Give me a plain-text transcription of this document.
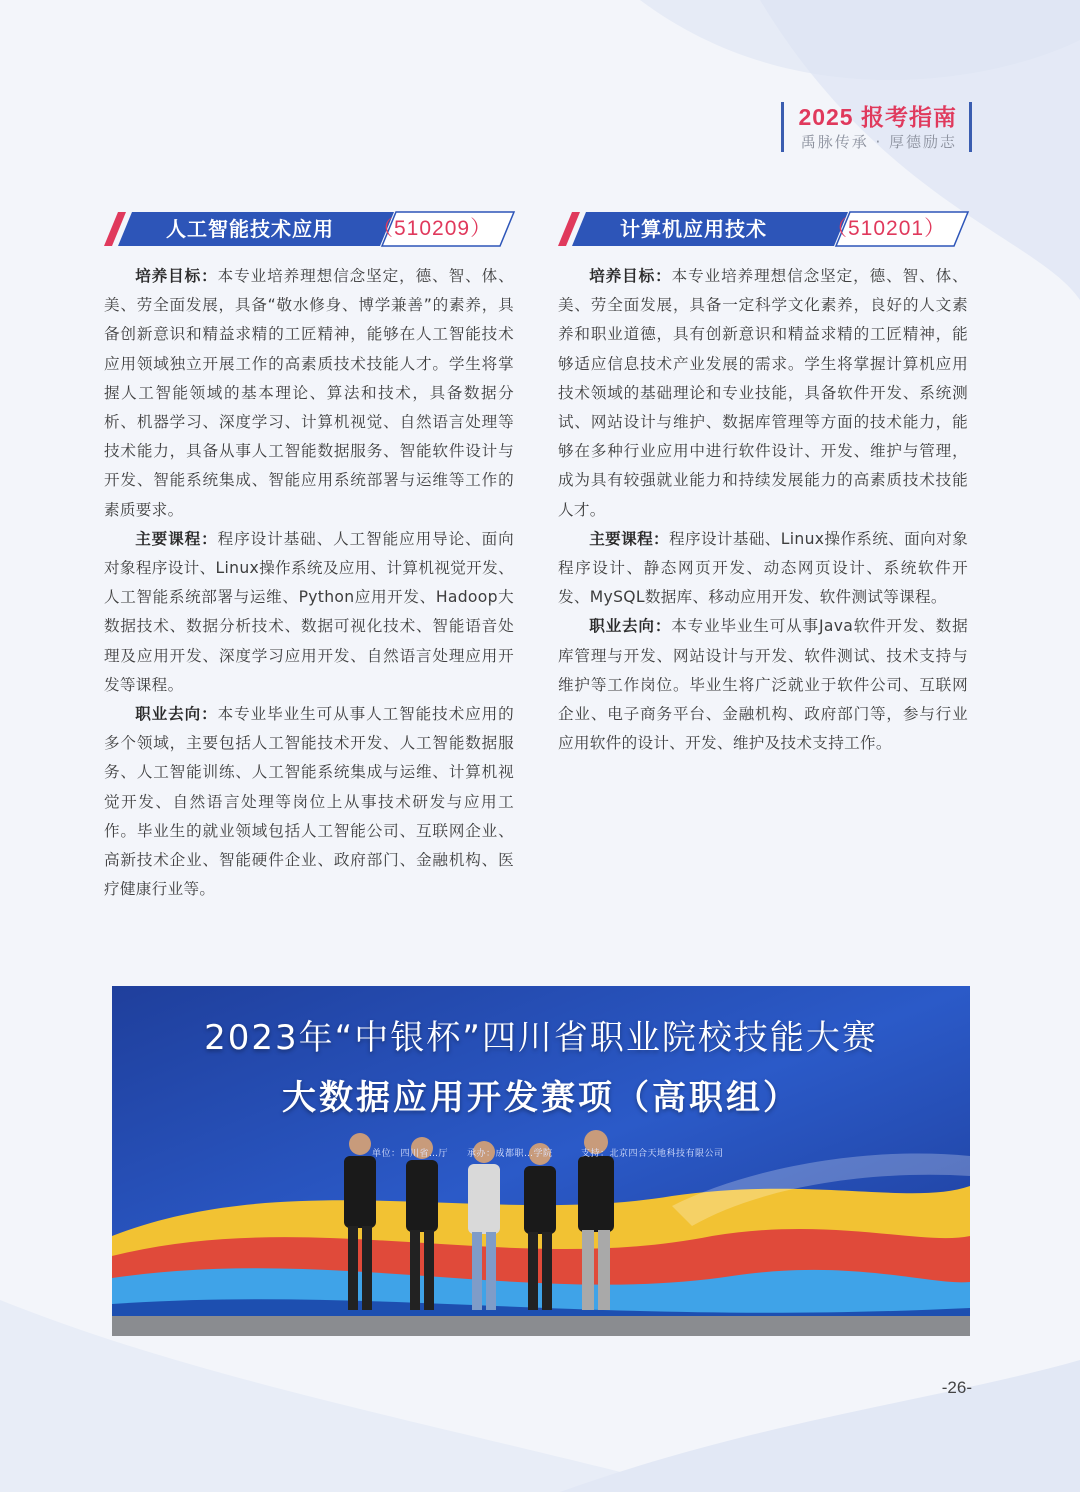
2025 报考指南
禹脉传承 · 厚德励志
人工智能技术应用 （510209）

培养目标：本专业培养理想信念坚定，德、智、体、美、劳全面发展，具备“敬水修身、博学兼善”的素养，具备创新意识和精益求精的工匠精神，能够在人工智能技术应用领域独立开展工作的高素质技术技能人才。学生将掌握人工智能领域的基本理论、算法和技术，具备数据分析、机器学习、深度学习、计算机视觉、自然语言处理等技术能力，具备从事人工智能数据服务、智能软件设计与开发、智能系统集成、智能应用系统部署与运维等工作的素质要求。

主要课程：程序设计基础、人工智能应用导论、面向对象程序设计、Linux操作系统及应用、计算机视觉开发、人工智能系统部署与运维、Python应用开发、Hadoop大数据技术、数据分析技术、数据可视化技术、智能语音处理及应用开发、深度学习应用开发、自然语言处理应用开发等课程。

职业去向：本专业毕业生可从事人工智能技术应用的多个领域，主要包括人工智能技术开发、人工智能数据服务、人工智能训练、人工智能系统集成与运维、计算机视觉开发、自然语言处理等岗位上从事技术研发与应用工作。毕业生的就业领域包括人工智能公司、互联网企业、高新技术企业、智能硬件企业、政府部门、金融机构、医疗健康行业等。

计算机应用技术	（510201）

培养目标：本专业培养理想信念坚定，德、智、体、美、劳全面发展，具备一定科学文化素养，良好的人文素养和职业道德，具有创新意识和精益求精的工匠精神，能够适应信息技术产业发展的需求。学生将掌握计算机应用技术领域的基础理论和专业技能，具备软件开发、系统测试、网站设计与维护、数据库管理等方面的技术能力，能够在多种行业应用中进行软件设计、开发、维护与管理，成为具有较强就业能力和持续发展能力的高素质技术技能人才。

主要课程：程序设计基础、Linux操作系统、面向对象程序设计、静态网页开发、动态网页设计、系统软件开发、MySQL数据库、移动应用开发、软件测试等课程。

职业去向：本专业毕业生可从事Java软件开发、数据库管理与开发、网站设计与开发、软件测试、技术支持与维护等工作岗位。毕业生将广泛就业于软件公司、互联网企业、电子商务平台、金融机构、政府部门等，参与行业应用软件的设计、开发、维护及技术支持工作。

2023年“中银杯”四川省职业院校技能大赛
大数据应用开发赛项（高职组）
单位：四川省…厅　　承办：成都职…学院　　　支持：北京四合天地科技有限公司
-26-
